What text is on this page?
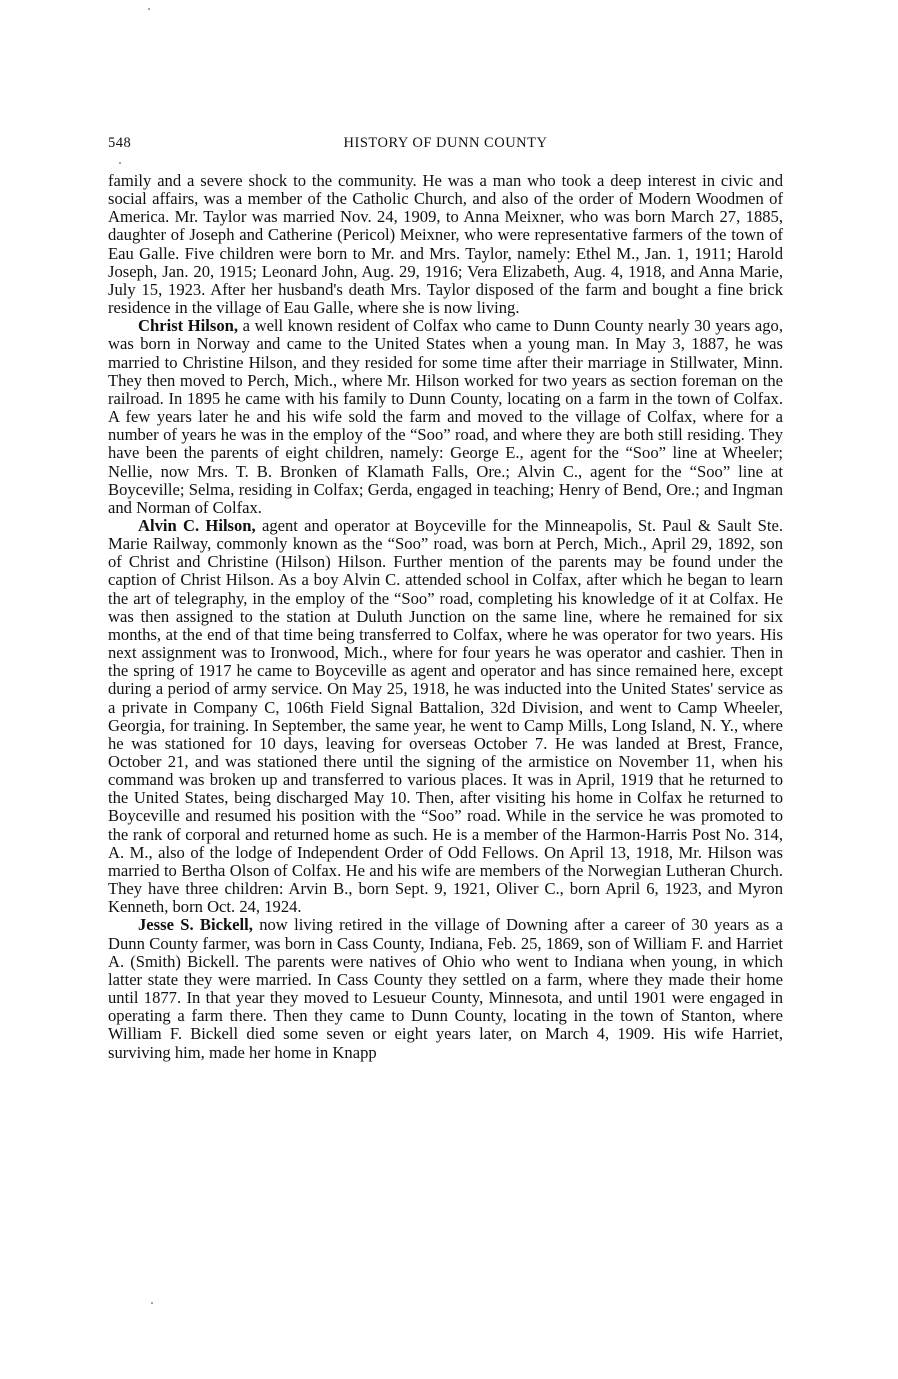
548	HISTORY OF DUNN COUNTY

family and a severe shock to the community. He was a man who took a deep interest in civic and social affairs, was a member of the Catholic Church, and also of the order of Modern Woodmen of America. Mr. Taylor was married Nov. 24, 1909, to Anna Meixner, who was born March 27, 1885, daughter of Joseph and Catherine (Pericol) Meixner, who were representative farmers of the town of Eau Galle. Five children were born to Mr. and Mrs. Taylor, namely: Ethel M., Jan. 1, 1911; Harold Joseph, Jan. 20, 1915; Leonard John, Aug. 29, 1916; Vera Elizabeth, Aug. 4, 1918, and Anna Marie, July 15, 1923. After her husband's death Mrs. Taylor disposed of the farm and bought a fine brick residence in the village of Eau Galle, where she is now living.

Christ Hilson, a well known resident of Colfax who came to Dunn County nearly 30 years ago, was born in Norway and came to the United States when a young man. In May 3, 1887, he was married to Christine Hilson, and they resided for some time after their marriage in Stillwater, Minn. They then moved to Perch, Mich., where Mr. Hilson worked for two years as section foreman on the railroad. In 1895 he came with his family to Dunn County, locating on a farm in the town of Colfax. A few years later he and his wife sold the farm and moved to the village of Colfax, where for a number of years he was in the employ of the “Soo” road, and where they are both still residing. They have been the parents of eight children, namely: George E., agent for the “Soo” line at Wheeler; Nellie, now Mrs. T. B. Bronken of Klamath Falls, Ore.; Alvin C., agent for the “Soo” line at Boyceville; Selma, residing in Colfax; Gerda, engaged in teaching; Henry of Bend, Ore.; and Ingman and Norman of Colfax.

Alvin C. Hilson, agent and operator at Boyceville for the Minneapolis, St. Paul & Sault Ste. Marie Railway, commonly known as the “Soo” road, was born at Perch, Mich., April 29, 1892, son of Christ and Christine (Hilson) Hilson. Further mention of the parents may be found under the caption of Christ Hilson. As a boy Alvin C. attended school in Colfax, after which he began to learn the art of telegraphy, in the employ of the “Soo” road, completing his knowledge of it at Colfax. He was then assigned to the station at Duluth Junction on the same line, where he remained for six months, at the end of that time being transferred to Colfax, where he was operator for two years. His next assignment was to Ironwood, Mich., where for four years he was operator and cashier. Then in the spring of 1917 he came to Boyceville as agent and operator and has since remained here, except during a period of army service. On May 25, 1918, he was inducted into the United States' service as a private in Company C, 106th Field Signal Battalion, 32d Division, and went to Camp Wheeler, Georgia, for training. In September, the same year, he went to Camp Mills, Long Island, N. Y., where he was stationed for 10 days, leaving for overseas October 7. He was landed at Brest, France, October 21, and was stationed there until the signing of the armistice on November 11, when his command was broken up and transferred to various places. It was in April, 1919 that he returned to the United States, being discharged May 10. Then, after visiting his home in Colfax he returned to Boyceville and resumed his position with the “Soo” road. While in the service he was promoted to the rank of corporal and returned home as such. He is a member of the Harmon-Harris Post No. 314, A. M., also of the lodge of Independent Order of Odd Fellows. On April 13, 1918, Mr. Hilson was married to Bertha Olson of Colfax. He and his wife are members of the Norwegian Lutheran Church. They have three children: Arvin B., born Sept. 9, 1921, Oliver C., born April 6, 1923, and Myron Kenneth, born Oct. 24, 1924.

Jesse S. Bickell, now living retired in the village of Downing after a career of 30 years as a Dunn County farmer, was born in Cass County, Indiana, Feb. 25, 1869, son of William F. and Harriet A. (Smith) Bickell. The parents were natives of Ohio who went to Indiana when young, in which latter state they were married. In Cass County they settled on a farm, where they made their home until 1877. In that year they moved to Lesueur County, Minnesota, and until 1901 were engaged in operating a farm there. Then they came to Dunn County, locating in the town of Stanton, where William F. Bickell died some seven or eight years later, on March 4, 1909. His wife Harriet, surviving him, made her home in Knapp
